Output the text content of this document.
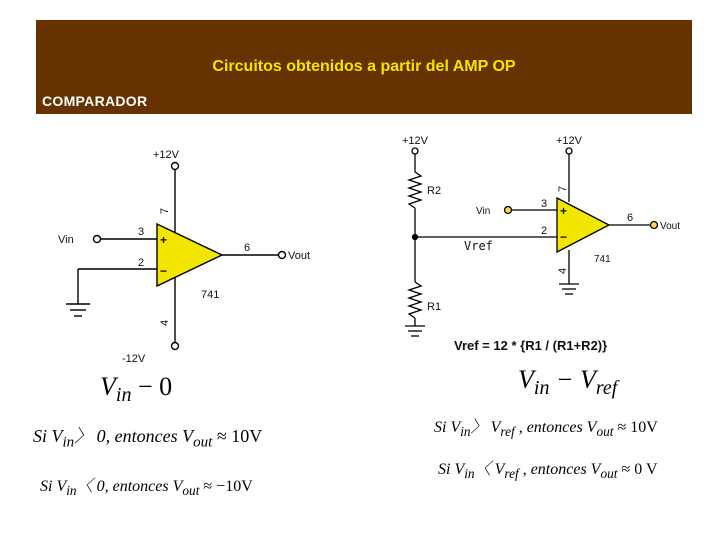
Circuitos obtenidos a partir del AMP OP
COMPARADOR
+12V
-12V
7
4
3
2
6
+
−
741
Vin
Vout
+12V	+12V
R2
R1
7
4
3
2
6
+
−
741
Vin
Vout
Vref
Vref = 12 * {R1 / (R1+R2)}
$V_{in} - 0$
Si $V_{in}〉$ 0, entonces $V_{out} \approx 10V$
Si $V_{in}〈$ 0, entonces $V_{out} \approx -10V$
$V_{in} - V_{ref}$
Si $V_{in}〉$ $V_{ref}$ , entonces $V_{out} \approx 10V$
Si $V_{in}〈$ $V_{ref}$ , entonces $V_{out} \approx 0$ V
